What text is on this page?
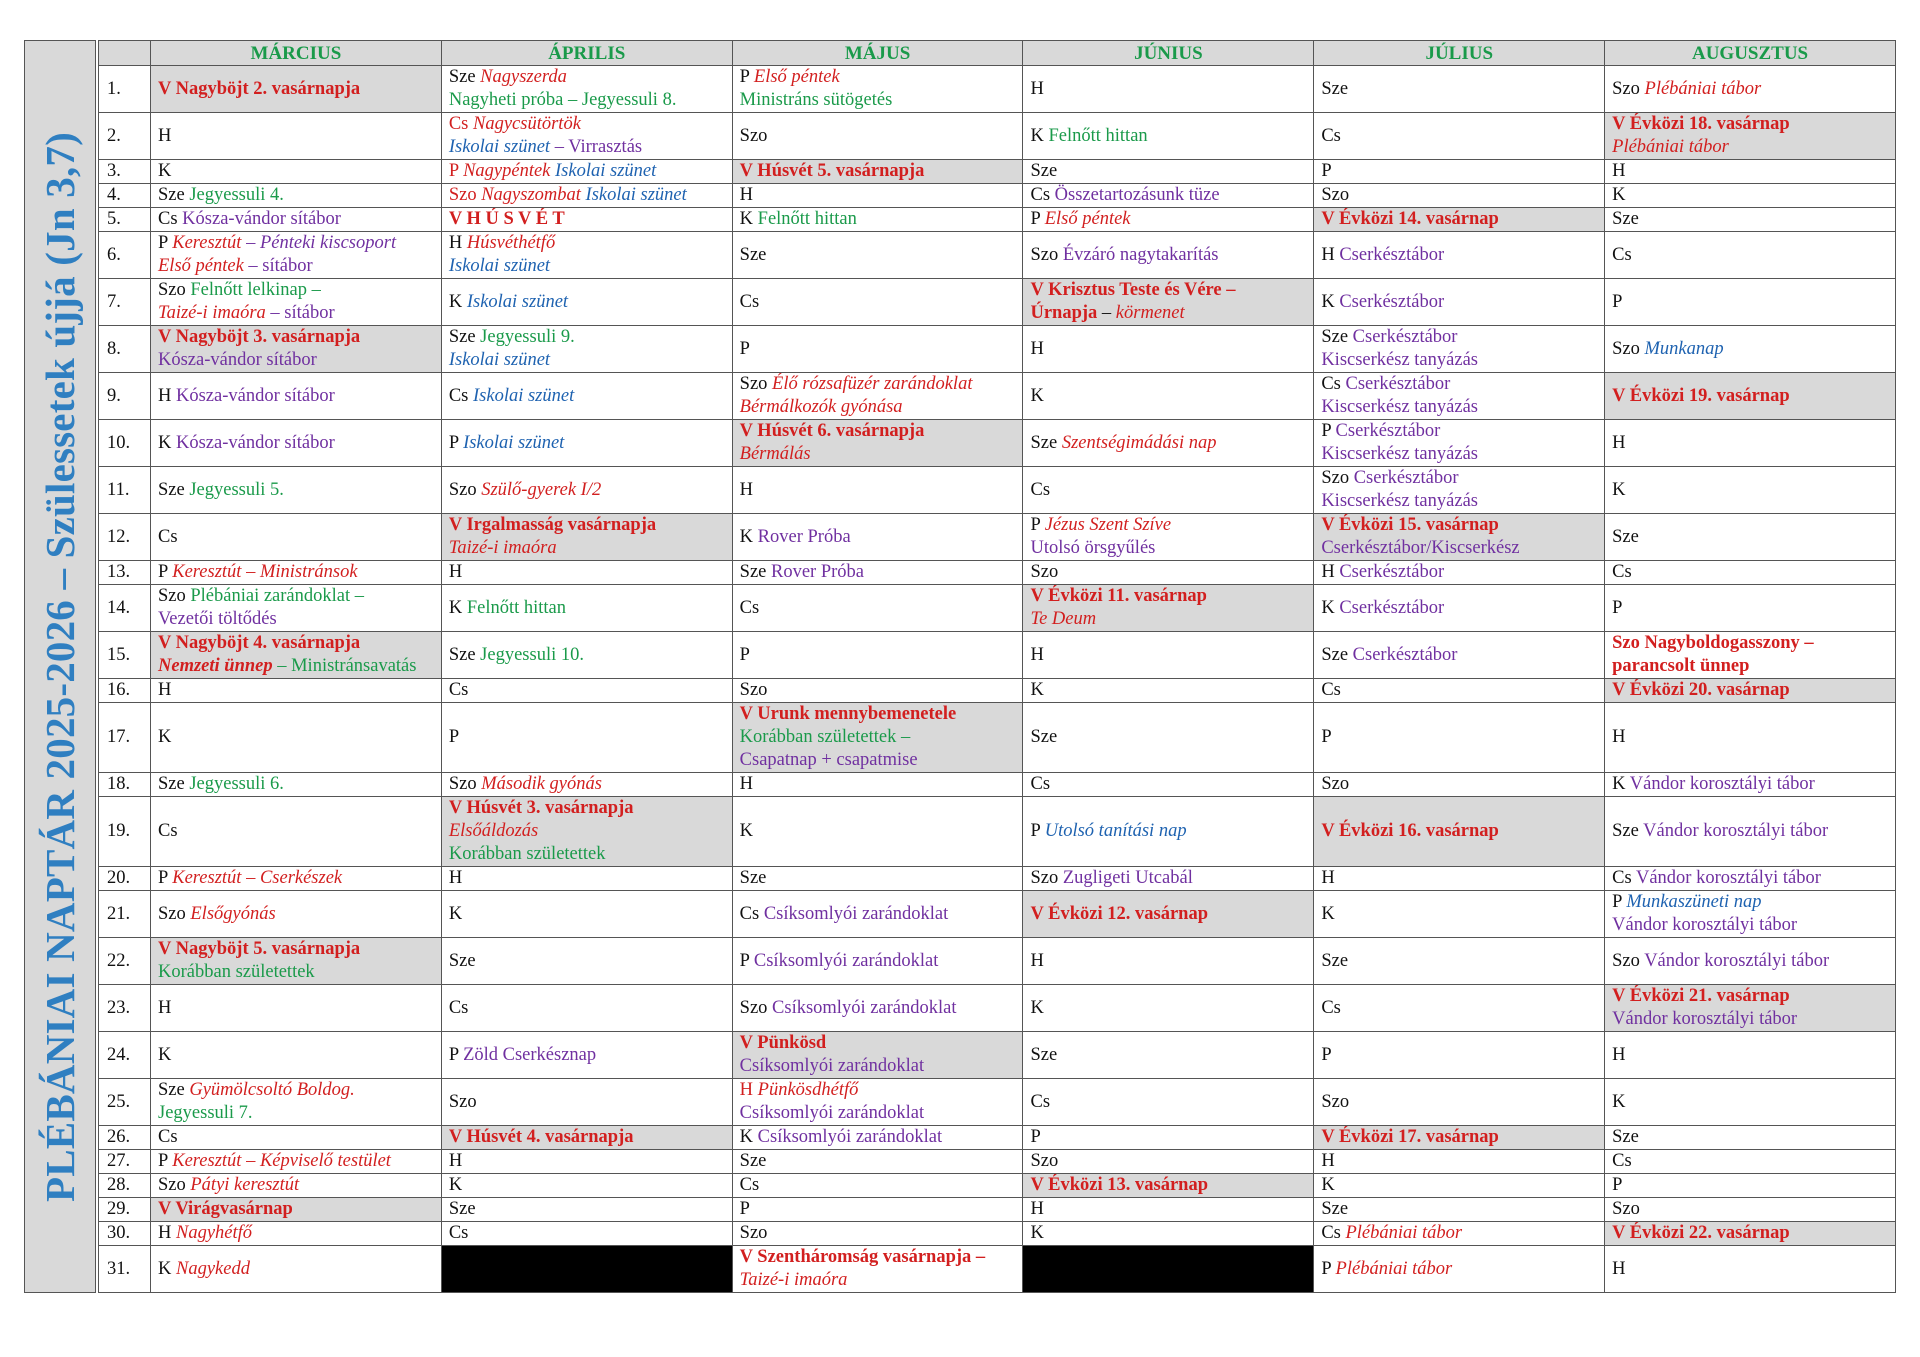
PLÉBÁNIAI NAPTÁR 2025-2026 – Szülessetek újjá (Jn 3,7)
	MÁRCIUS	ÁPRILIS	MÁJUS	JÚNIUS	JÚLIUS	AUGUSZTUS
1.	V Nagyböjt 2. vasárnapja	Sze Nagyszerda
Nagyheti próba – Jegyessuli 8.	P Első péntek
Ministráns sütögetés	H	Sze	Szo Plébániai tábor

2.	H	Cs Nagycsütörtök
Iskolai szünet – Virrasztás	Szo	K Felnőtt hittan	Cs	V Évközi 18. vasárnap
Plébániai tábor

3.	K	P Nagypéntek Iskolai szünet	V Húsvét 5. vasárnapja	Sze	P	H

4.	Sze Jegyessuli 4.	Szo Nagyszombat Iskolai szünet	H	Cs Összetartozásunk tüze	Szo	K

5.	Cs Kósza-vándor sítábor	V H Ú S V É T	K Felnőtt hittan	P Első péntek	V Évközi 14. vasárnap	Sze

6.	P Keresztút – Pénteki kiscsoport
Első péntek – sítábor	H Húsvéthétfő
Iskolai szünet	Sze	Szo Évzáró nagytakarítás	H Cserkésztábor	Cs

7.	Szo Felnőtt lelkinap –
Taizé-i imaóra – sítábor	K Iskolai szünet	Cs	V Krisztus Teste és Vére –
Úrnapja – körmenet	K Cserkésztábor	P

8.	V Nagyböjt 3. vasárnapja
Kósza-vándor sítábor	Sze Jegyessuli 9.
Iskolai szünet	P	H	Sze Cserkésztábor
Kiscserkész tanyázás	Szo Munkanap

9.	H Kósza-vándor sítábor	Cs Iskolai szünet	Szo Élő rózsafüzér zarándoklat
Bérmálkozók gyónása	K	Cs Cserkésztábor
Kiscserkész tanyázás	V Évközi 19. vasárnap

10.	K Kósza-vándor sítábor	P Iskolai szünet	V Húsvét 6. vasárnapja
Bérmálás	Sze Szentségimádási nap	P Cserkésztábor
Kiscserkész tanyázás	H

11.	Sze Jegyessuli 5.	Szo Szülő-gyerek I/2	H	Cs	Szo Cserkésztábor
Kiscserkész tanyázás	K

12.	Cs	V Irgalmasság vasárnapja
Taizé-i imaóra	K Rover Próba	P Jézus Szent Szíve
Utolsó örsgyűlés	V Évközi 15. vasárnap
Cserkésztábor/Kiscserkész	Sze

13.	P Keresztút – Ministránsok	H	Sze Rover Próba	Szo	H Cserkésztábor	Cs

14.	Szo Plébániai zarándoklat –
Vezetői töltődés	K Felnőtt hittan	Cs	V Évközi 11. vasárnap
Te Deum	K Cserkésztábor	P

15.	V Nagyböjt 4. vasárnapja
Nemzeti ünnep – Ministránsavatás	Sze Jegyessuli 10.	P	H	Sze Cserkésztábor	Szo Nagyboldogasszony –
parancsolt ünnep

16.	H	Cs	Szo	K	Cs	V Évközi 20. vasárnap

17.	K	P	V Urunk mennybemenetele
Korábban születettek –
Csapatnap + csapatmise	Sze	P	H

18.	Sze Jegyessuli 6.	Szo Második gyónás	H	Cs	Szo	K Vándor korosztályi tábor

19.	Cs	V Húsvét 3. vasárnapja
Elsőáldozás
Korábban születettek	K	P Utolsó tanítási nap	V Évközi 16. vasárnap	Sze Vándor korosztályi tábor

20.	P Keresztút – Cserkészek	H	Sze	Szo Zugligeti Utcabál	H	Cs Vándor korosztályi tábor

21.	Szo Elsőgyónás	K	Cs Csíksomlyói zarándoklat	V Évközi 12. vasárnap	K	P Munkaszüneti nap
Vándor korosztályi tábor

22.	V Nagyböjt 5. vasárnapja
Korábban születettek	Sze	P Csíksomlyói zarándoklat	H	Sze	Szo Vándor korosztályi tábor

23.	H	Cs	Szo Csíksomlyói zarándoklat	K	Cs	V Évközi 21. vasárnap
Vándor korosztályi tábor

24.	K	P Zöld Cserkésznap	V Pünkösd
Csíksomlyói zarándoklat	Sze	P	H

25.	Sze Gyümölcsoltó Boldog.
Jegyessuli 7.	Szo	H Pünkösdhétfő
Csíksomlyói zarándoklat	Cs	Szo	K

26.	Cs	V Húsvét 4. vasárnapja	K Csíksomlyói zarándoklat	P	V Évközi 17. vasárnap	Sze

27.	P Keresztút – Képviselő testület	H	Sze	Szo	H	Cs

28.	Szo Pátyi keresztút	K	Cs	V Évközi 13. vasárnap	K	P

29.	V Virágvasárnap	Sze	P	H	Sze	Szo

30.	H Nagyhétfő	Cs	Szo	K	Cs Plébániai tábor	V Évközi 22. vasárnap

31.	K Nagykedd		V Szentháromság vasárnapja –
Taizé-i imaóra		P Plébániai tábor	H
